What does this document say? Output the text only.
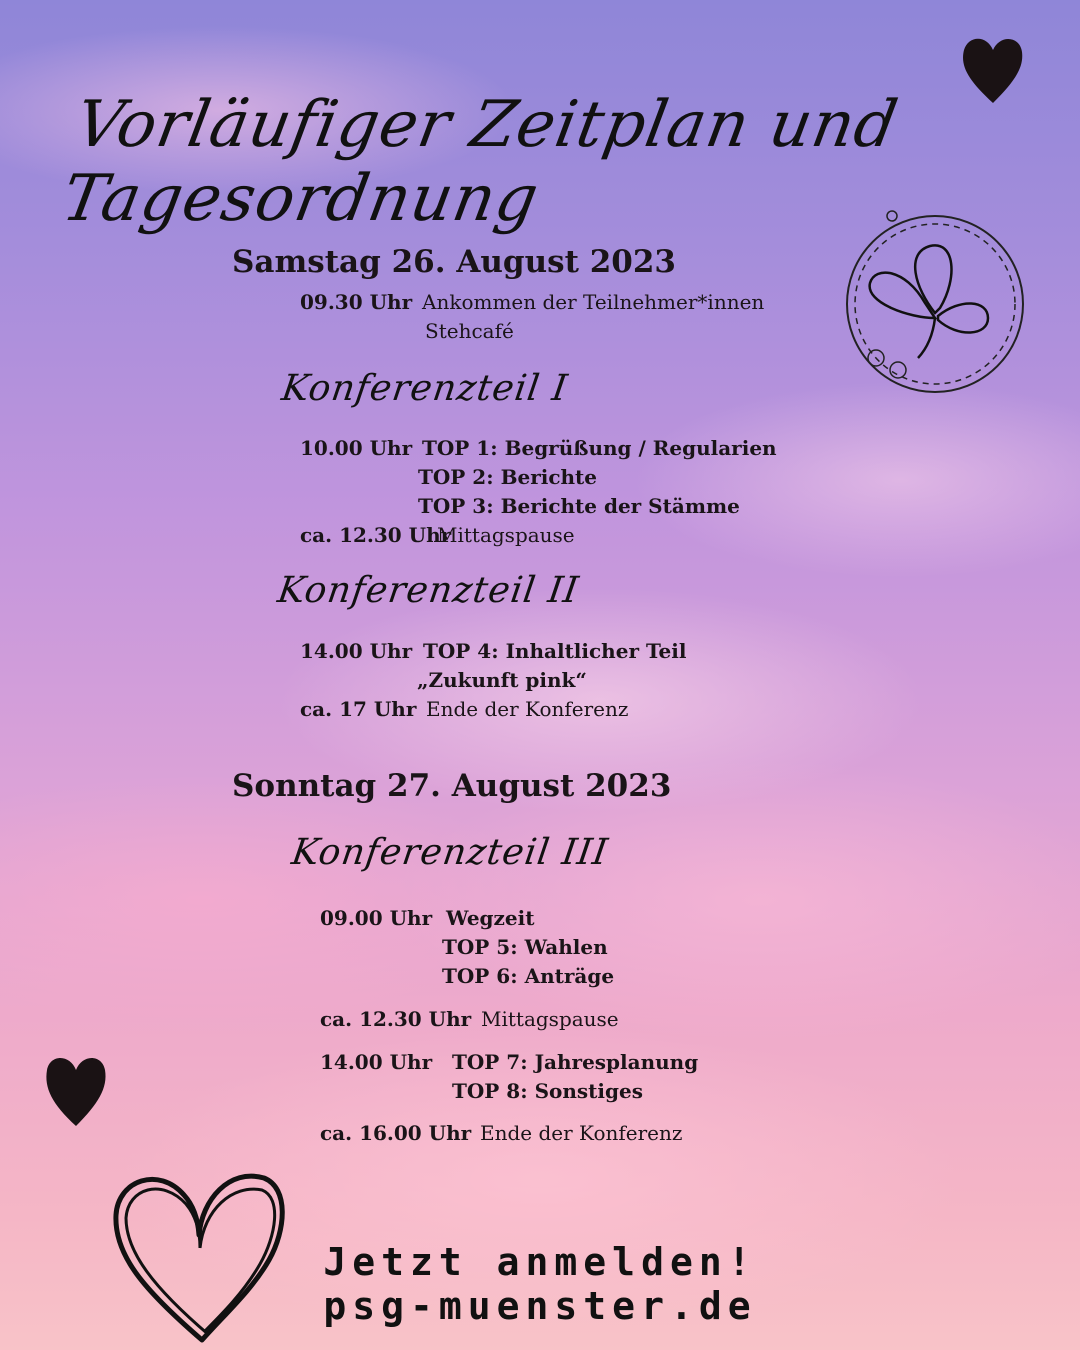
Vorläufiger Zeitplan und Tagesordnung
Samstag 26. August 2023
09.30 Uhr Ankommen der Teilnehmer*innen
Stehcafé
Konferenzteil I
10.00 Uhr TOP 1: Begrüßung / Regularien
TOP 2: Berichte
TOP 3: Berichte der Stämme
ca. 12.30 Uhr
Mittagspause
Konferenzteil II
14.00 Uhr TOP 4: Inhaltlicher Teil
„Zukunft pink“
ca. 17 Uhr Ende der Konferenz
Sonntag 27. August 2023
Konferenzteil III
09.00 Uhr Wegzeit
TOP 5: Wahlen
TOP 6: Anträge
ca. 12.30 Uhr Mittagspause
14.00 Uhr TOP 7: Jahresplanung
TOP 8: Sonstiges
ca. 16.00 Uhr Ende der Konferenz
Jetzt anmelden!
psg-muenster.de
